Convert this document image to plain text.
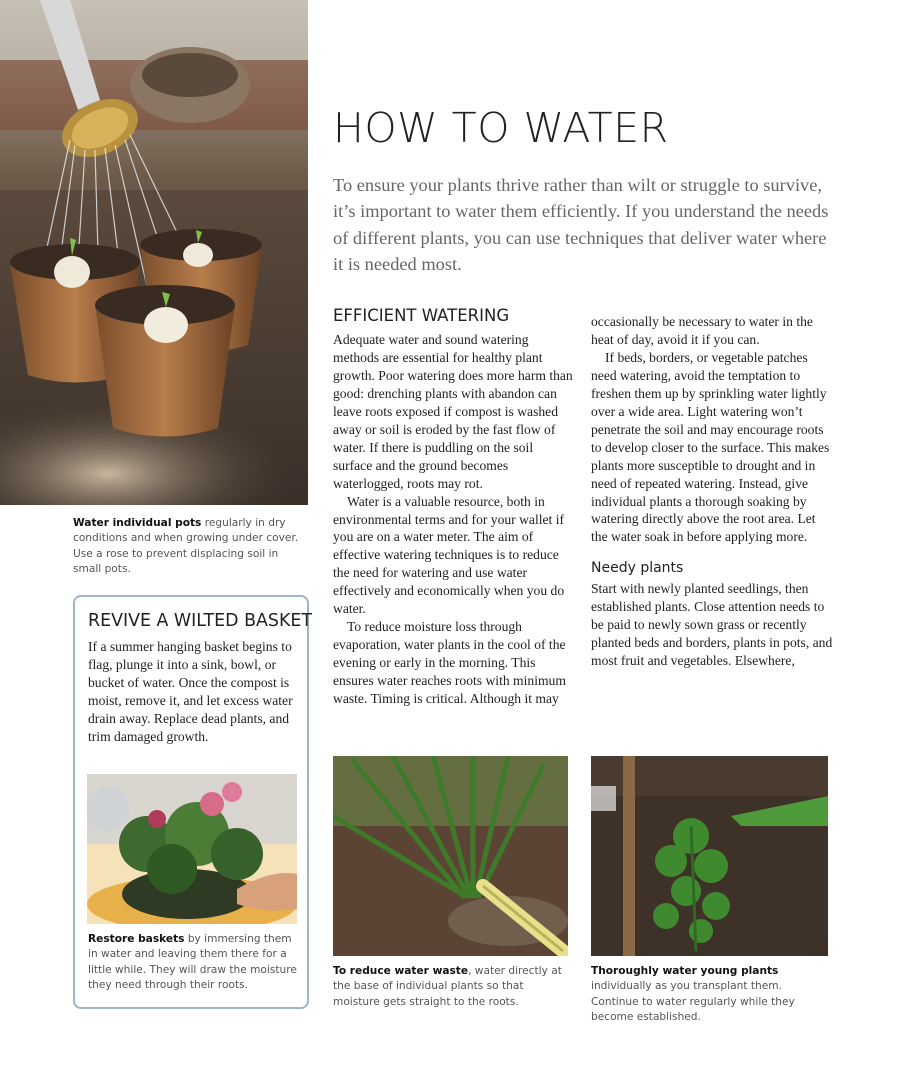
Water individual pots regularly in dry conditions and when growing under cover. Use a rose to prevent displacing soil in small pots.
HOW TO WATER

To ensure your plants thrive rather than wilt or struggle to survive, it’s important to water them efficiently. If you understand the needs of different plants, you can use techniques that deliver water where it is needed most.

REVIVE A WILTED BASKET

If a summer hanging basket begins to flag, plunge it into a sink, bowl, or bucket of water. Once the compost is moist, remove it, and let excess water drain away. Replace dead plants, and trim damaged growth.

Restore baskets by immersing them in water and leaving them there for a little while. They will draw the moisture they need through their roots.
EFFICIENT WATERING

Adequate water and sound watering methods are essential for healthy plant growth. Poor watering does more harm than good: drenching plants with abandon can leave roots exposed if compost is washed away or soil is eroded by the fast flow of water. If there is puddling on the soil surface and the ground becomes waterlogged, roots may rot.

Water is a valuable resource, both in environmental terms and for your wallet if you are on a water meter. The aim of effective watering techniques is to reduce the need for watering and use water effectively and economically when you do water.

To reduce moisture loss through evaporation, water plants in the cool of the evening or early in the morning. This ensures water reaches roots with minimum waste. Timing is critical. Although it may

occasionally be necessary to water in the heat of day, avoid it if you can.

If beds, borders, or vegetable patches need watering, avoid the temptation to freshen them up by sprinkling water lightly over a wide area. Light watering won’t penetrate the soil and may encourage roots to develop closer to the surface. This makes plants more susceptible to drought and in need of repeated watering. Instead, give individual plants a thorough soaking by watering directly above the root area. Let the water soak in before applying more.

Needy plants

Start with newly planted seedlings, then established plants. Close attention needs to be paid to newly sown grass or recently planted beds and borders, plants in pots, and most fruit and vegetables. Elsewhere,

To reduce water waste, water directly at the base of individual plants so that moisture gets straight to the roots.
Thoroughly water young plants individually as you transplant them. Continue to water regularly while they become established.
